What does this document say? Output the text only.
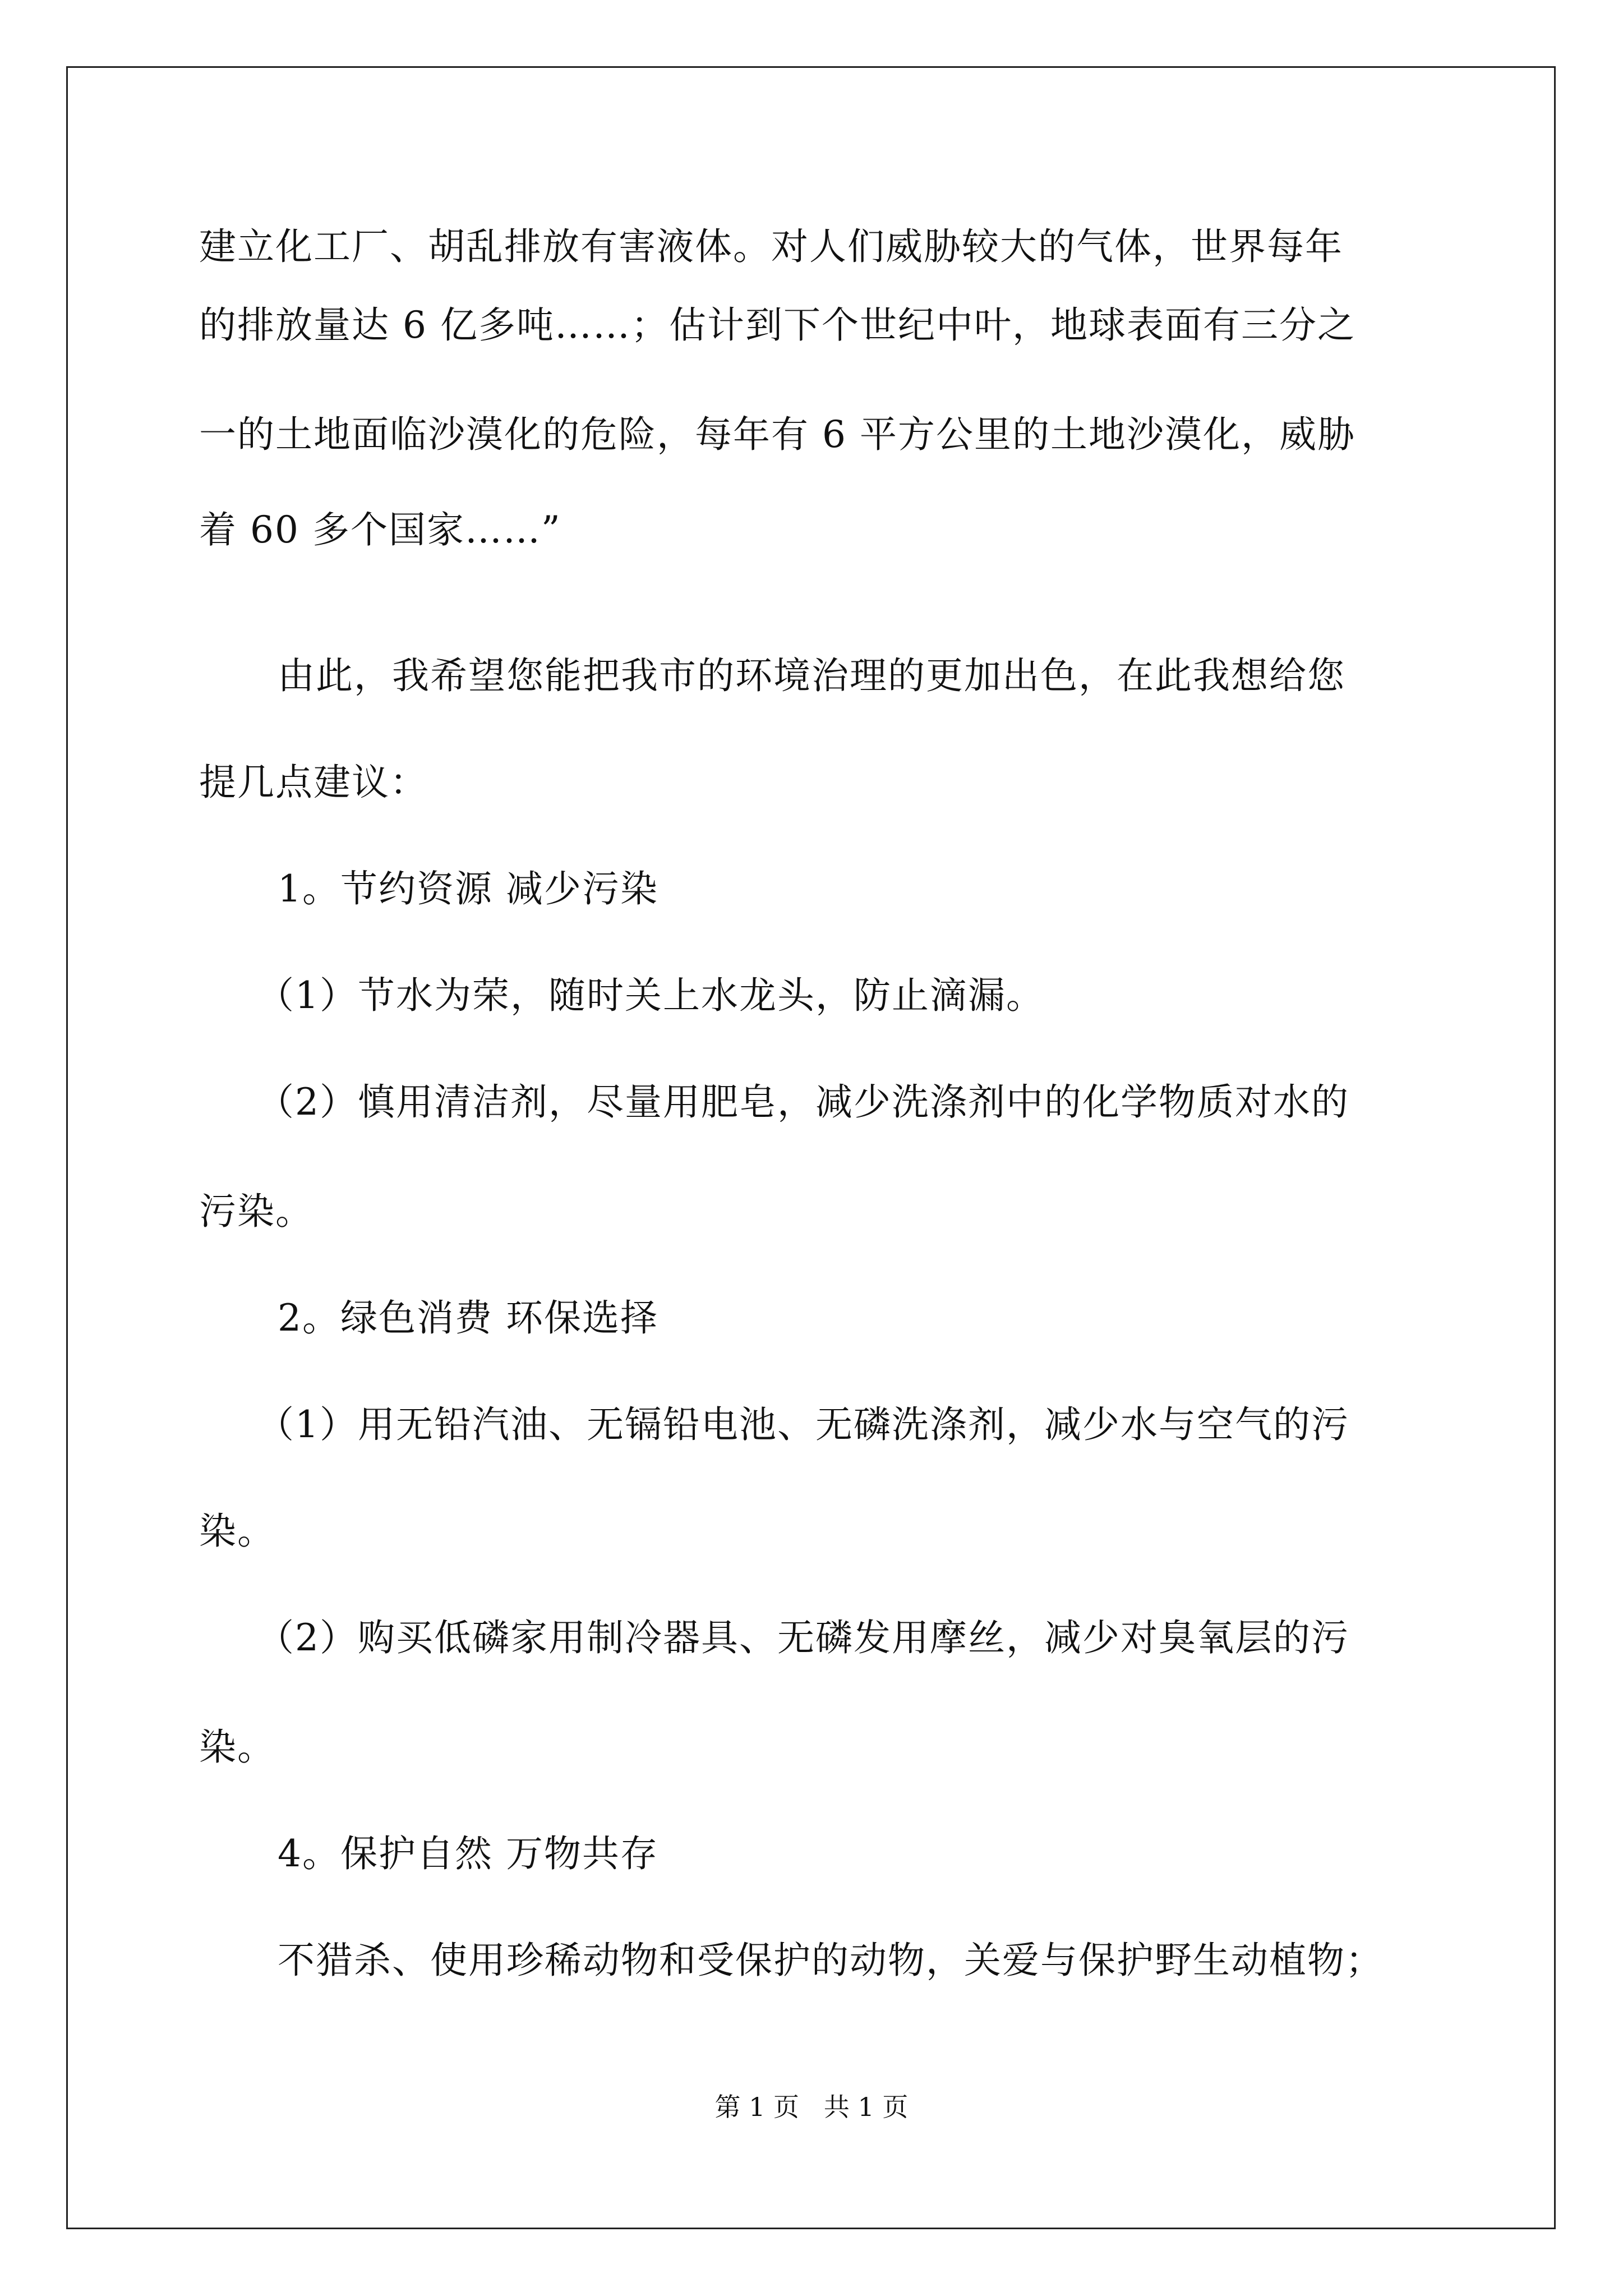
建立化工厂、胡乱排放有害液体。对人们威胁较大的气体，世界每年
的排放量达 6 亿多吨……；估计到下个世纪中叶，地球表面有三分之
一的土地面临沙漠化的危险，每年有 6 平方公里的土地沙漠化，威胁
着 60 多个国家……”
由此，我希望您能把我市的环境治理的更加出色，在此我想给您
提几点建议：
1。节约资源 减少污染
（1）节水为荣，随时关上水龙头，防止滴漏。
（2）慎用清洁剂，尽量用肥皂，减少洗涤剂中的化学物质对水的
污染。
2。绿色消费 环保选择
（1）用无铅汽油、无镉铅电池、无磷洗涤剂，减少水与空气的污
染。
（2）购买低磷家用制冷器具、无磷发用摩丝，减少对臭氧层的污
染。
4。保护自然 万物共存
不猎杀、使用珍稀动物和受保护的动物，关爱与保护野生动植物；
第 1 页   共 1 页
